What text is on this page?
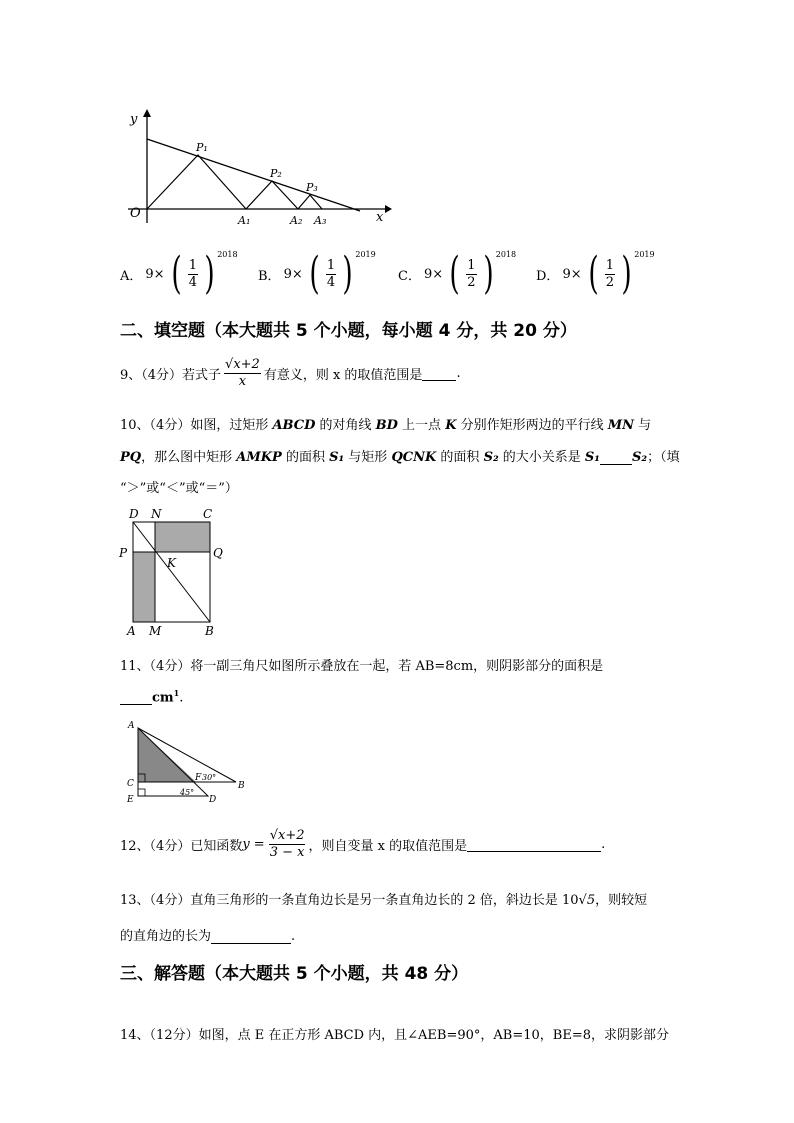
y
x
O
P₁
P₂
P₃
A₁	A₂ A₃
A． 9× ( $\frac{1}{4}$ ) 2018
B． 9× ( $\frac{1}{4}$ ) 2019
C． 9× ( $\frac{1}{2}$ ) 2018
D． 9× ( $\frac{1}{2}$ ) 2019
二、填空题（本大题共 5 个小题，每小题 4 分，共 20 分）
9、（4分）若式子 $\frac{√x+2}{x}$ 有意义，则 x 的取值范围是	.
10、（4分）如图，过矩形 ABCD 的对角线 BD 上一点 K 分别作矩形两边的平行线 MN 与
PQ，那么图中矩形 AMKP 的面积 S₁ 与矩形 QCNK 的面积 S₂ 的大小关系是 S₁ S₂；（填
“＞”或“＜”或“＝”）
D N	C
P	Q
K
A M	B
11、（4分）将一副三角尺如图所示叠放在一起，若 AB=8cm，则阴影部分的面积是
$cm^1$.
A
C
E
F 30°
B
45°
D
12、（4分）已知函数 $y = \frac{√x+2}{3 - x}$ ，则自变量 x 的取值范围是	.
13、（4分）直角三角形的一条直角边长是另一条直角边长的 2 倍，斜边长是 10√5，则较短
的直角边的长为	.
三、解答题（本大题共 5 个小题，共 48 分）
14、（12分）如图，点 E 在正方形 ABCD 内，且∠AEB=90°，AB=10，BE=8，求阴影部分
